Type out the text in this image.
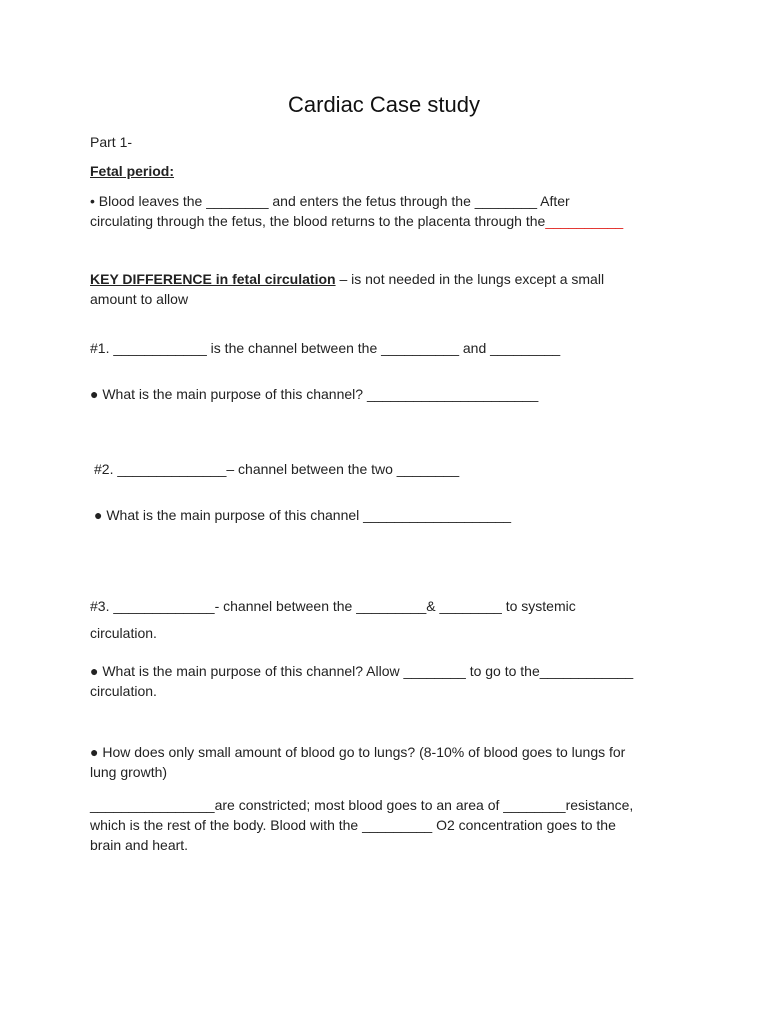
Cardiac Case study
Part 1-
Fetal period:
• Blood leaves the ________ and enters the fetus through the ________ After
circulating through the fetus, the blood returns to the placenta through the__________
KEY DIFFERENCE in fetal circulation – is not needed in the lungs except a small
amount to allow
#1. ____________ is the channel between the __________ and _________
● What is the main purpose of this channel? ______________________
#2. ______________– channel between the two ________
● What is the main purpose of this channel ___________________
#3. _____________- channel between the _________& ________ to systemic
circulation.
● What is the main purpose of this channel? Allow ________ to go to the____________
circulation.
● How does only small amount of blood go to lungs? (8-10% of blood goes to lungs for
lung growth)
________________are constricted; most blood goes to an area of ________resistance,
which is the rest of the body. Blood with the _________ O2 concentration goes to the
brain and heart.
